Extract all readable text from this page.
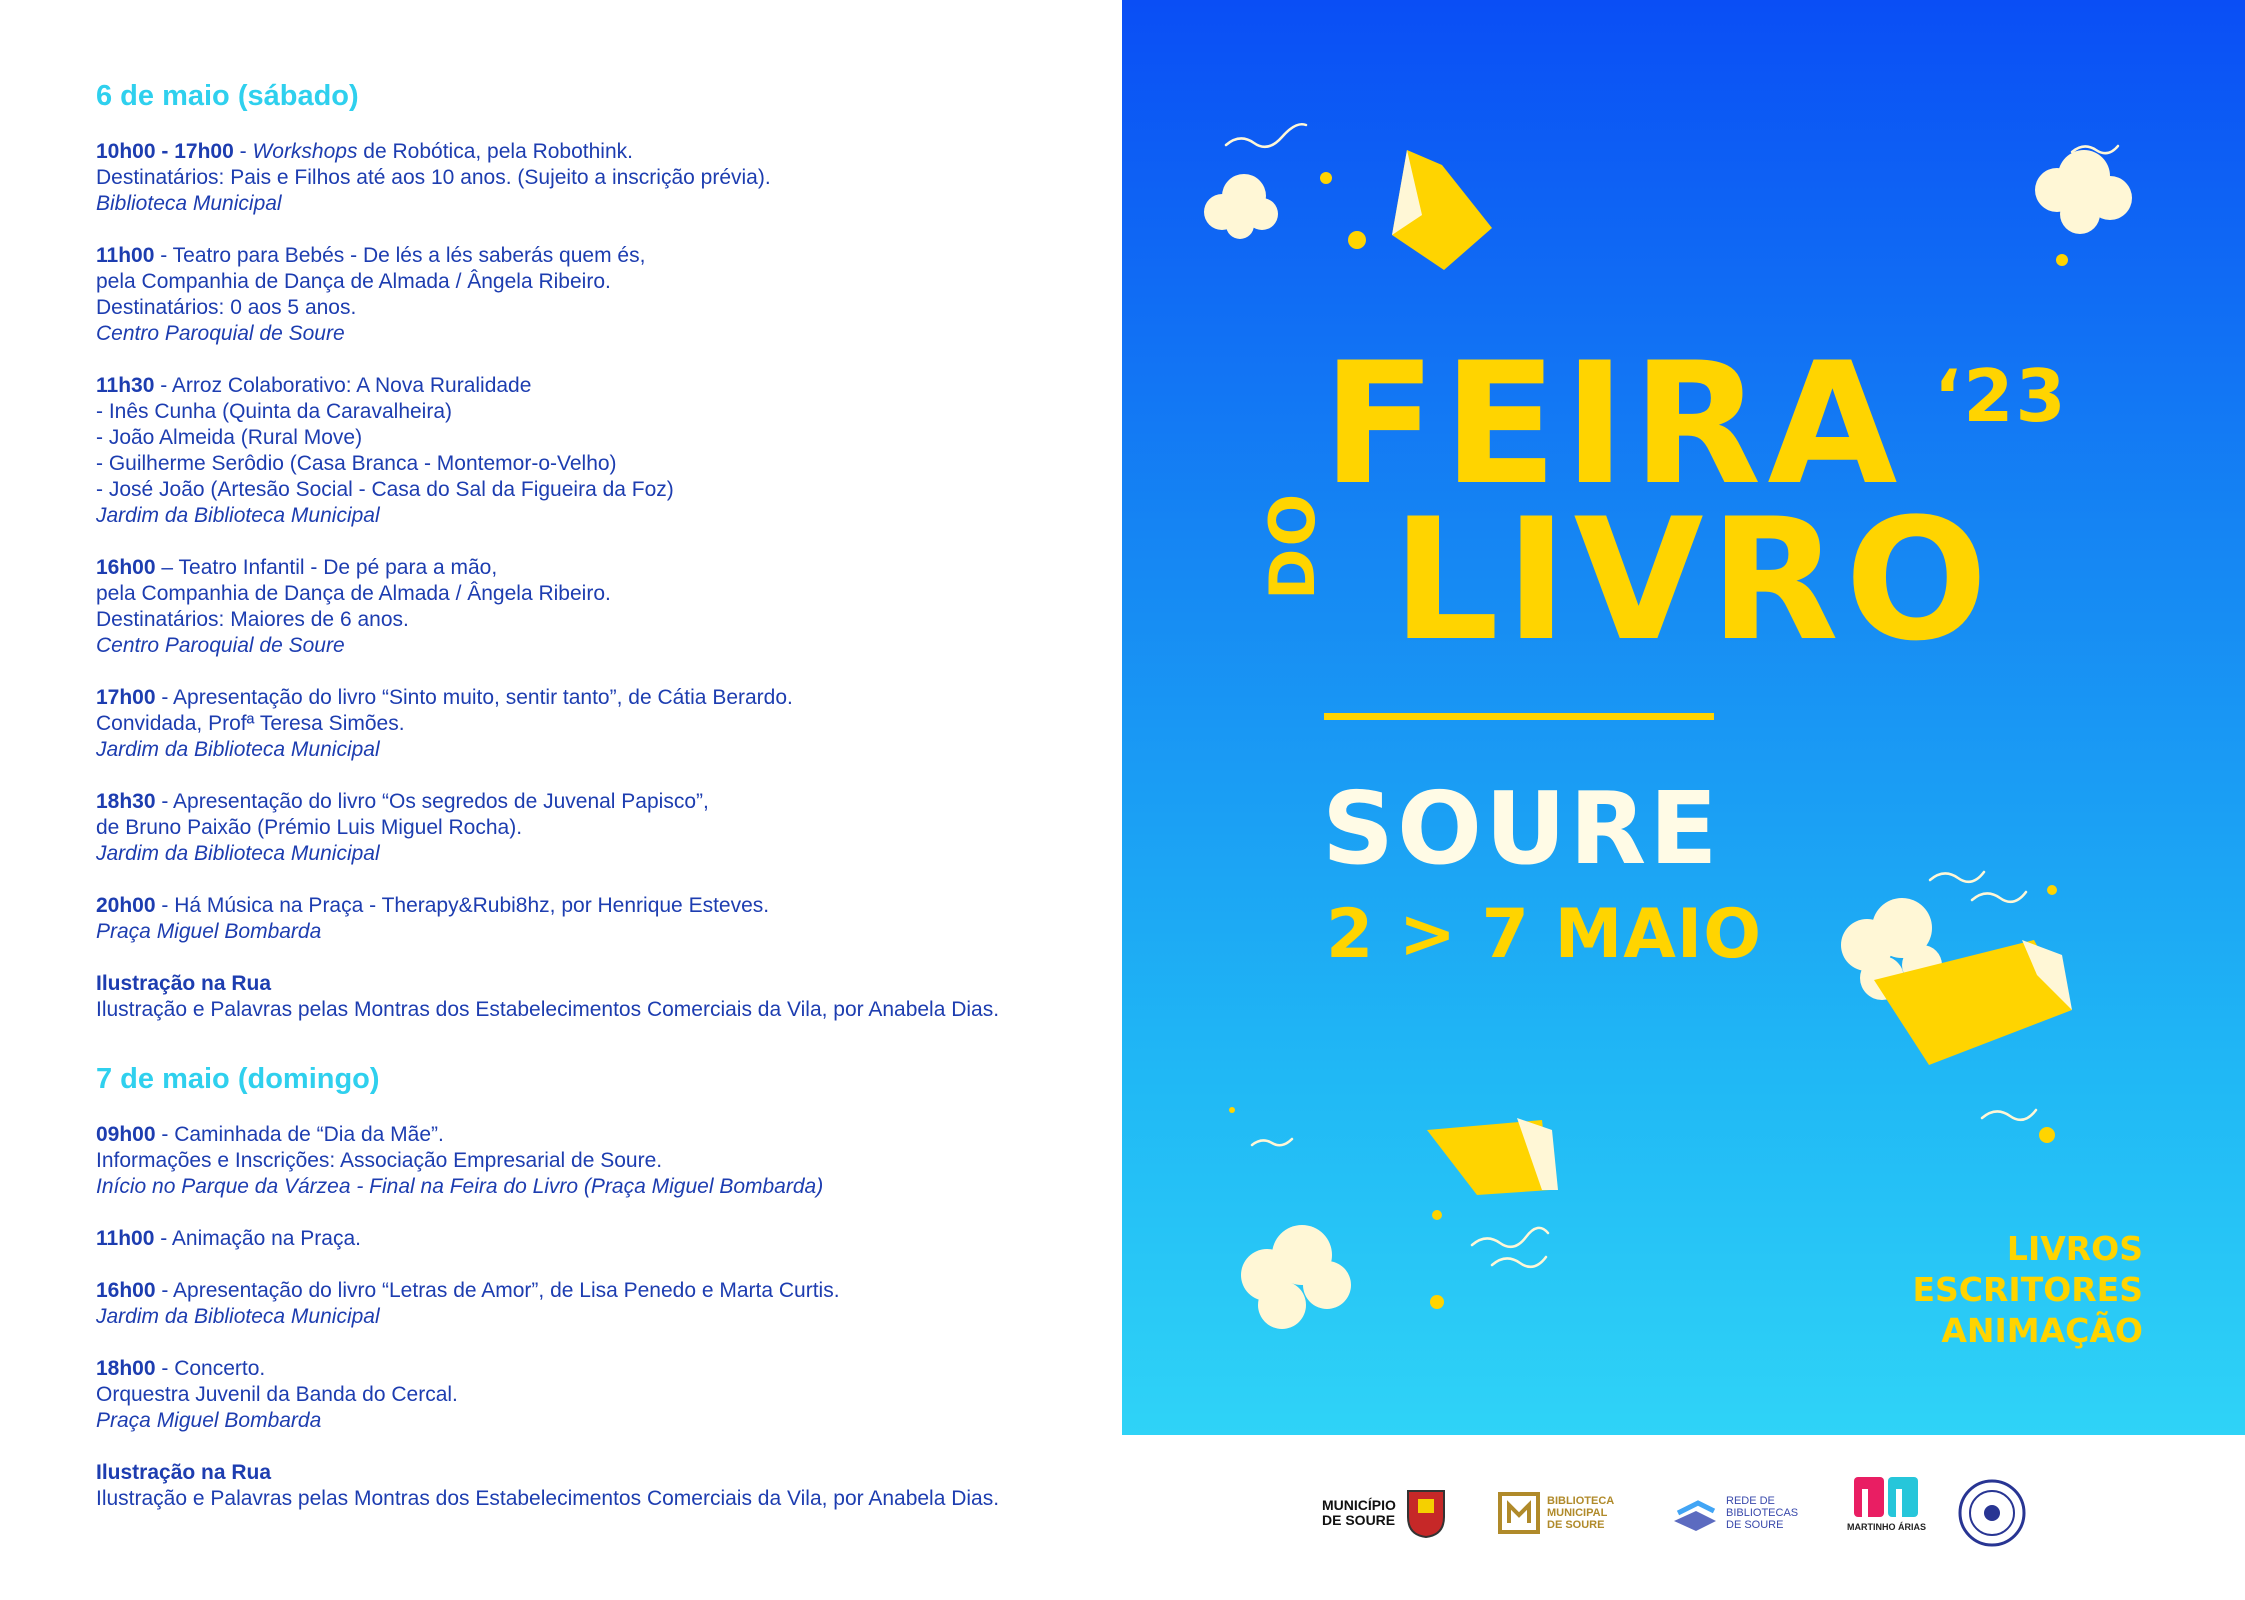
6 de maio (sábado)

10h00 - 17h00 - Workshops de Robótica, pela Robothink.
Destinatários: Pais e Filhos até aos 10 anos. (Sujeito a inscrição prévia).
Biblioteca Municipal

11h00 - Teatro para Bebés - De lés a lés saberás quem és,
pela Companhia de Dança de Almada / Ângela Ribeiro.
Destinatários: 0 aos 5 anos.
Centro Paroquial de Soure

11h30 - Arroz Colaborativo: A Nova Ruralidade
- Inês Cunha (Quinta da Caravalheira)
- João Almeida (Rural Move)
- Guilherme Serôdio (Casa Branca - Montemor-o-Velho)
- José João (Artesão Social - Casa do Sal da Figueira da Foz)
Jardim da Biblioteca Municipal

16h00 – Teatro Infantil - De pé para a mão,
pela Companhia de Dança de Almada / Ângela Ribeiro.
Destinatários: Maiores de 6 anos.
Centro Paroquial de Soure

17h00 - Apresentação do livro “Sinto muito, sentir tanto”, de Cátia Berardo.
Convidada, Profª Teresa Simões.
Jardim da Biblioteca Municipal

18h30 - Apresentação do livro “Os segredos de Juvenal Papisco”,
de Bruno Paixão (Prémio Luis Miguel Rocha).
Jardim da Biblioteca Municipal

20h00 - Há Música na Praça - Therapy&Rubi8hz, por Henrique Esteves.
Praça Miguel Bombarda

Ilustração na Rua
Ilustração e Palavras pelas Montras dos Estabelecimentos Comerciais da Vila, por Anabela Dias.

7 de maio (domingo)

09h00 - Caminhada de “Dia da Mãe”.
Informações e Inscrições: Associação Empresarial de Soure.
Início no Parque da Várzea - Final na Feira do Livro (Praça Miguel Bombarda)

11h00 - Animação na Praça.

16h00 - Apresentação do livro “Letras de Amor”, de Lisa Penedo e Marta Curtis.
Jardim da Biblioteca Municipal

18h00 - Concerto.
Orquestra Juvenil da Banda do Cercal.
Praça Miguel Bombarda

Ilustração na Rua
Ilustração e Palavras pelas Montras dos Estabelecimentos Comerciais da Vila, por Anabela Dias.

FEIRA ‘23
DO LIVRO
SOURE
2 > 7 MAIO
LIVROS
ESCRITORES
ANIMAÇÃO
MUNICÍPIO
DE SOURE
BIBLIOTECA
MUNICIPAL
DE SOURE
REDE DE
BIBLIOTECAS
DE SOURE	MARTINHO ÁRIAS
